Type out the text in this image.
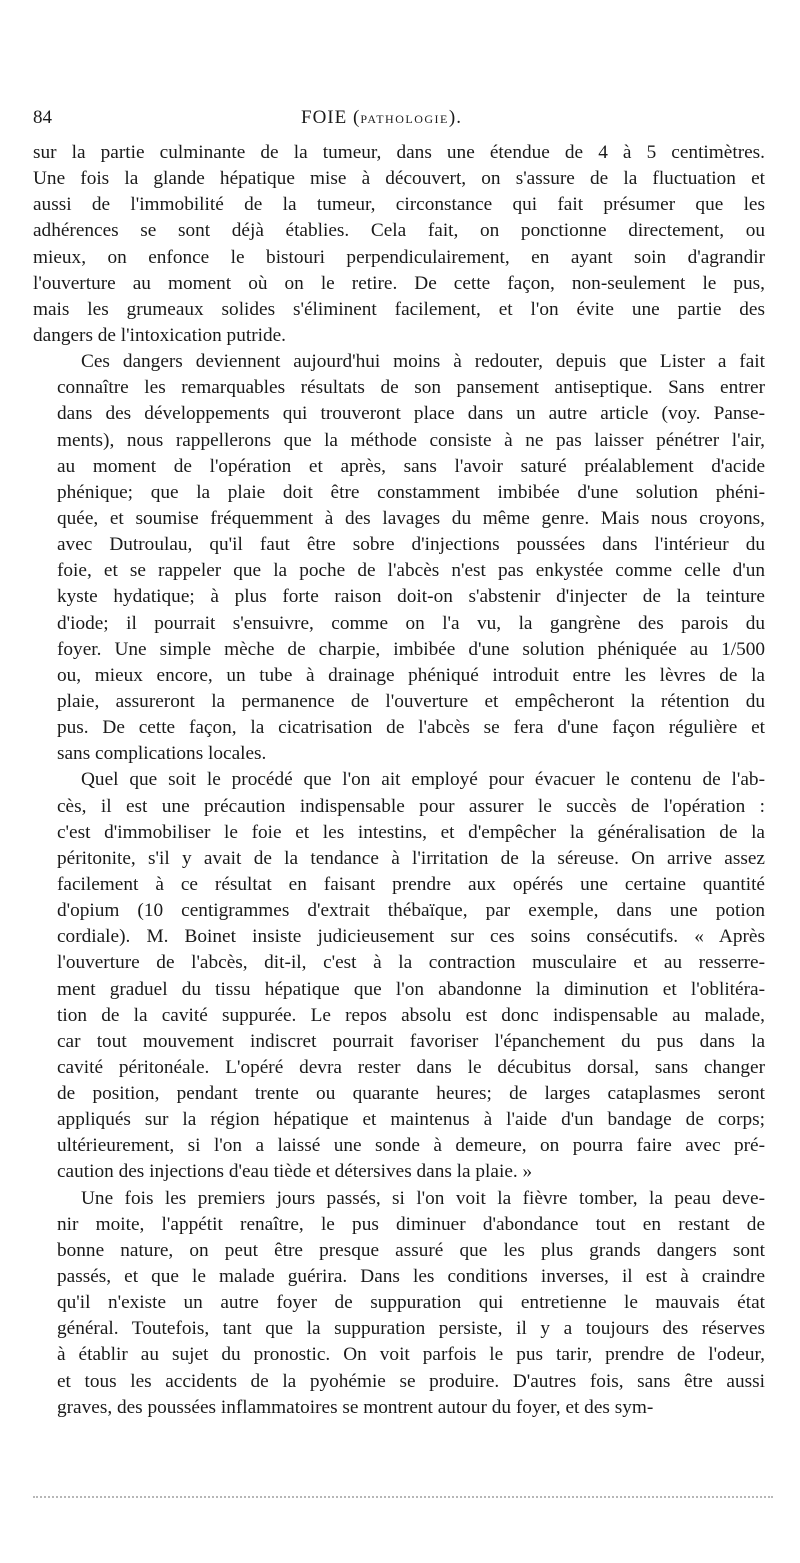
84	FOIE (PATHOLOGIE).
sur la partie culminante de la tumeur, dans une étendue de 4 à 5 centimètres.
Une fois la glande hépatique mise à découvert, on s'assure de la fluctuation et
aussi de l'immobilité de la tumeur, circonstance qui fait présumer que les
adhérences se sont déjà établies. Cela fait, on ponctionne directement, ou
mieux, on enfonce le bistouri perpendiculairement, en ayant soin d'agrandir
l'ouverture au moment où on le retire. De cette façon, non-seulement le pus,
mais les grumeaux solides s'éliminent facilement, et l'on évite une partie des
dangers de l'intoxication putride.
Ces dangers deviennent aujourd'hui moins à redouter, depuis que Lister a fait
connaître les remarquables résultats de son pansement antiseptique. Sans entrer
dans des développements qui trouveront place dans un autre article (voy. Panse-
ments), nous rappellerons que la méthode consiste à ne pas laisser pénétrer l'air,
au moment de l'opération et après, sans l'avoir saturé préalablement d'acide
phénique; que la plaie doit être constamment imbibée d'une solution phéni-
quée, et soumise fréquemment à des lavages du même genre. Mais nous croyons,
avec Dutroulau, qu'il faut être sobre d'injections poussées dans l'intérieur du
foie, et se rappeler que la poche de l'abcès n'est pas enkystée comme celle d'un
kyste hydatique; à plus forte raison doit-on s'abstenir d'injecter de la teinture
d'iode; il pourrait s'ensuivre, comme on l'a vu, la gangrène des parois du
foyer. Une simple mèche de charpie, imbibée d'une solution phéniquée au 1/500
ou, mieux encore, un tube à drainage phéniqué introduit entre les lèvres de la
plaie, assureront la permanence de l'ouverture et empêcheront la rétention du
pus. De cette façon, la cicatrisation de l'abcès se fera d'une façon régulière et
sans complications locales.
Quel que soit le procédé que l'on ait employé pour évacuer le contenu de l'ab-
cès, il est une précaution indispensable pour assurer le succès de l'opération :
c'est d'immobiliser le foie et les intestins, et d'empêcher la généralisation de la
péritonite, s'il y avait de la tendance à l'irritation de la séreuse. On arrive assez
facilement à ce résultat en faisant prendre aux opérés une certaine quantité
d'opium (10 centigrammes d'extrait thébaïque, par exemple, dans une potion
cordiale). M. Boinet insiste judicieusement sur ces soins consécutifs. « Après
l'ouverture de l'abcès, dit-il, c'est à la contraction musculaire et au resserre-
ment graduel du tissu hépatique que l'on abandonne la diminution et l'oblitéra-
tion de la cavité suppurée. Le repos absolu est donc indispensable au malade,
car tout mouvement indiscret pourrait favoriser l'épanchement du pus dans la
cavité péritonéale. L'opéré devra rester dans le décubitus dorsal, sans changer
de position, pendant trente ou quarante heures; de larges cataplasmes seront
appliqués sur la région hépatique et maintenus à l'aide d'un bandage de corps;
ultérieurement, si l'on a laissé une sonde à demeure, on pourra faire avec pré-
caution des injections d'eau tiède et détersives dans la plaie. »
Une fois les premiers jours passés, si l'on voit la fièvre tomber, la peau deve-
nir moite, l'appétit renaître, le pus diminuer d'abondance tout en restant de
bonne nature, on peut être presque assuré que les plus grands dangers sont
passés, et que le malade guérira. Dans les conditions inverses, il est à craindre
qu'il n'existe un autre foyer de suppuration qui entretienne le mauvais état
général. Toutefois, tant que la suppuration persiste, il y a toujours des réserves
à établir au sujet du pronostic. On voit parfois le pus tarir, prendre de l'odeur,
et tous les accidents de la pyohémie se produire. D'autres fois, sans être aussi
graves, des poussées inflammatoires se montrent autour du foyer, et des sym-
